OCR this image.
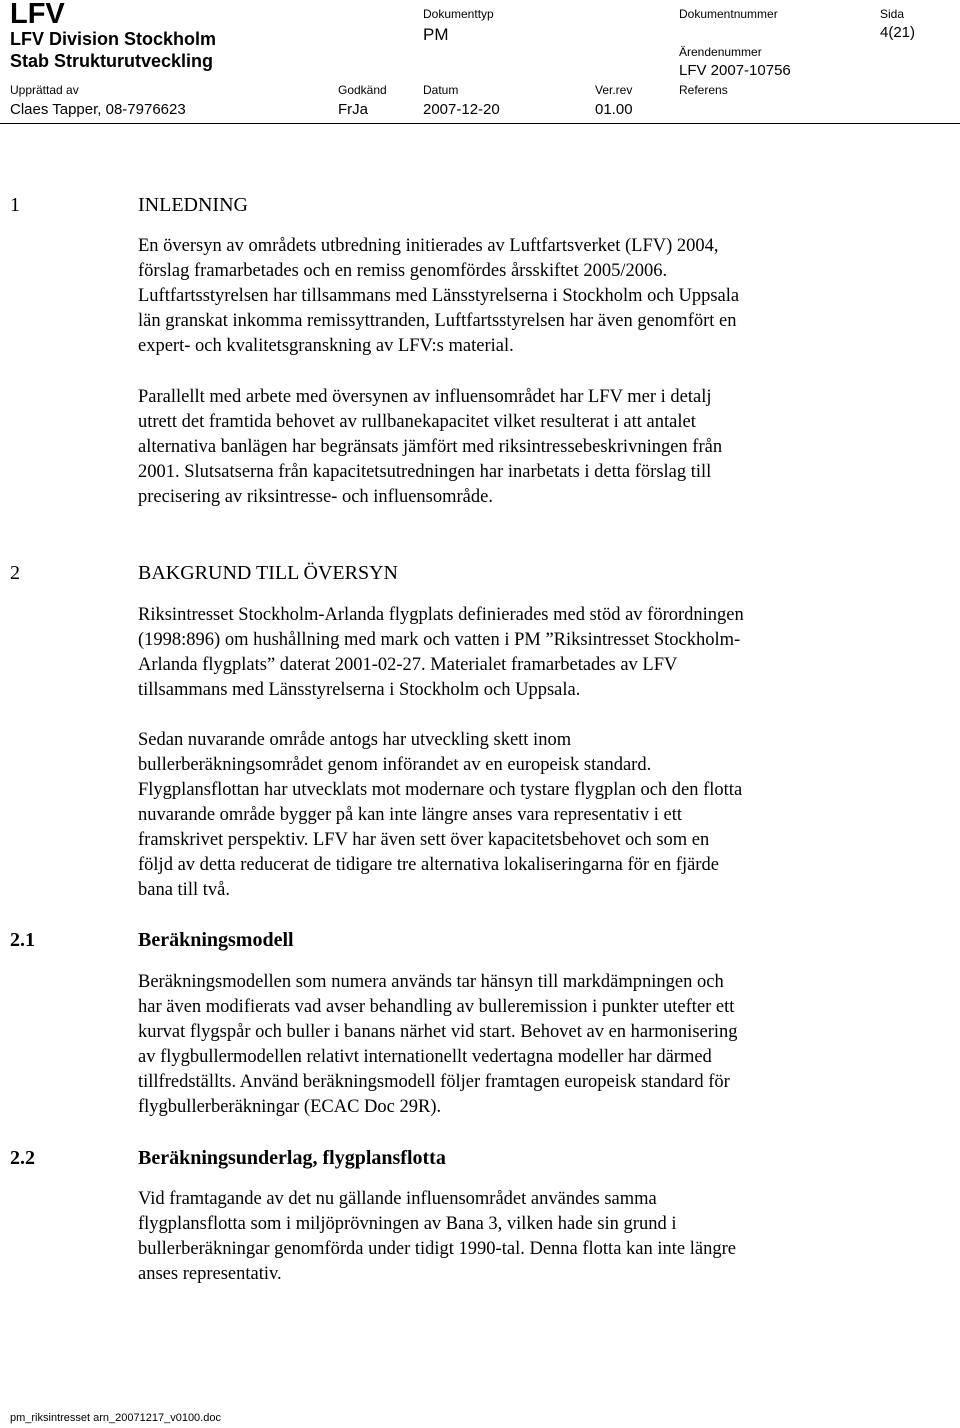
LFV
LFV Division Stockholm
Stab Strukturutveckling
Dokumenttyp
PM
Dokumentnummer	Sida
4(21)
Ärendenummer
LFV 2007-10756
Upprättad av
Claes Tapper, 08-7976623
Godkänd
FrJa
Datum
2007-12-20
Ver.rev
01.00
Referens
1	INLEDNING

En översyn av områdets utbredning initierades av Luftfartsverket (LFV) 2004,
förslag framarbetades och en remiss genomfördes årsskiftet 2005/2006.
Luftfartsstyrelsen har tillsammans med Länsstyrelserna i Stockholm och Uppsala
län granskat inkomma remissyttranden, Luftfartsstyrelsen har även genomfört en
expert- och kvalitetsgranskning av LFV:s material.

Parallellt med arbete med översynen av influensområdet har LFV mer i detalj
utrett det framtida behovet av rullbanekapacitet vilket resulterat i att antalet
alternativa banlägen har begränsats jämfört med riksintressebeskrivningen från
2001. Slutsatserna från kapacitetsutredningen har inarbetats i detta förslag till
precisering av riksintresse- och influensområde.

2	BAKGRUND TILL ÖVERSYN

Riksintresset Stockholm-Arlanda flygplats definierades med stöd av förordningen
(1998:896) om hushållning med mark och vatten i PM ”Riksintresset Stockholm-
Arlanda flygplats” daterat 2001-02-27. Materialet framarbetades av LFV
tillsammans med Länsstyrelserna i Stockholm och Uppsala.

Sedan nuvarande område antogs har utveckling skett inom
bullerberäkningsområdet genom införandet av en europeisk standard.
Flygplansflottan har utvecklats mot modernare och tystare flygplan och den flotta
nuvarande område bygger på kan inte längre anses vara representativ i ett
framskrivet perspektiv. LFV har även sett över kapacitetsbehovet och som en
följd av detta reducerat de tidigare tre alternativa lokaliseringarna för en fjärde
bana till två.

2.1	Beräkningsmodell

Beräkningsmodellen som numera används tar hänsyn till markdämpningen och
har även modifierats vad avser behandling av bulleremission i punkter utefter ett
kurvat flygspår och buller i banans närhet vid start. Behovet av en harmonisering
av flygbullermodellen relativt internationellt vedertagna modeller har därmed
tillfredställts. Använd beräkningsmodell följer framtagen europeisk standard för
flygbullerberäkningar (ECAC Doc 29R).

2.2	Beräkningsunderlag, flygplansflotta

Vid framtagande av det nu gällande influensområdet användes samma
flygplansflotta som i miljöprövningen av Bana 3, vilken hade sin grund i
bullerberäkningar genomförda under tidigt 1990-tal. Denna flotta kan inte längre
anses representativ.

pm_riksintresset arn_20071217_v0100.doc
